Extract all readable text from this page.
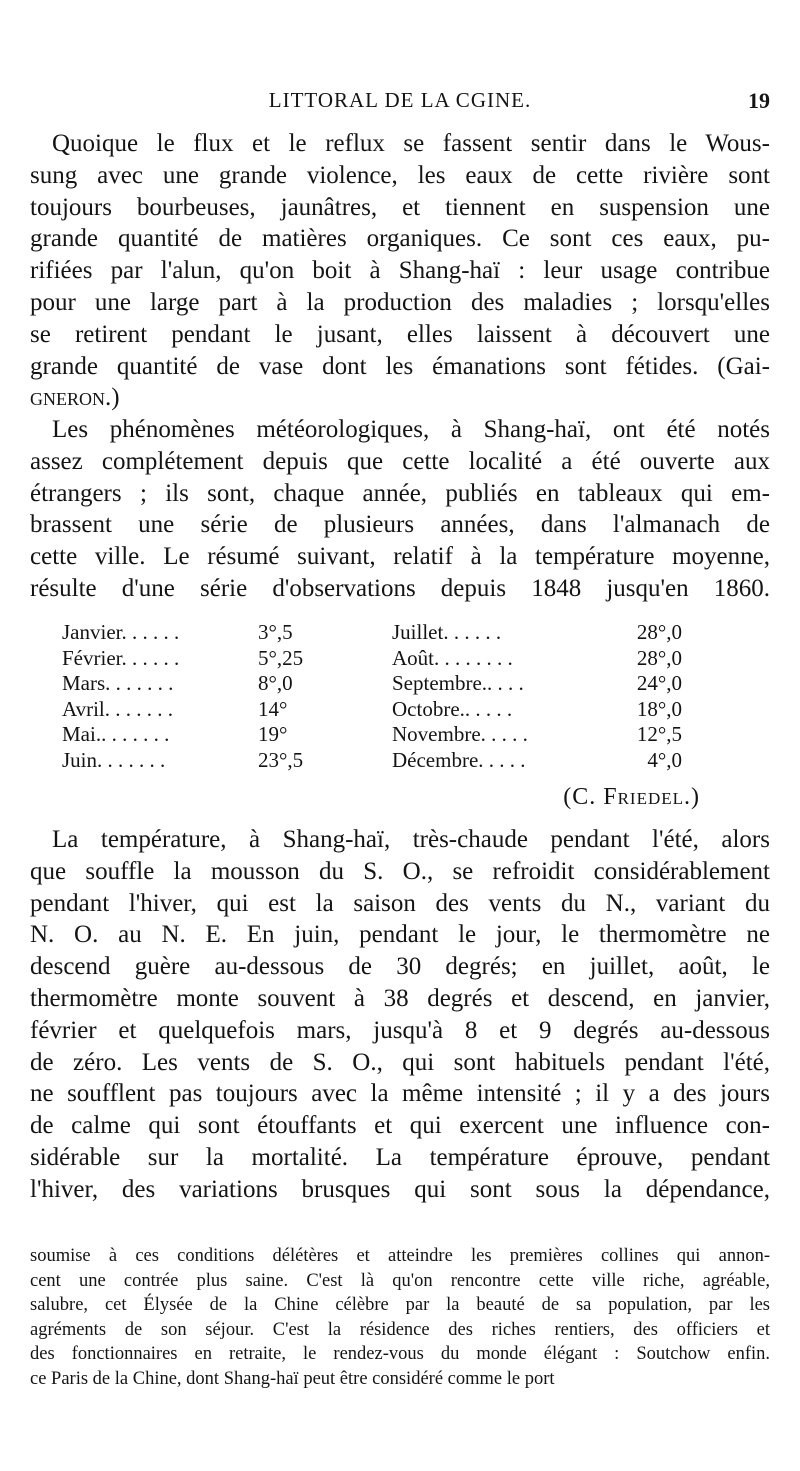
LITTORAL DE LA CGINE.	19
Quoique le flux et le reflux se fassent sentir dans le Wous-
sung avec une grande violence, les eaux de cette rivière sont
toujours bourbeuses, jaunâtres, et tiennent en suspension une
grande quantité de matières organiques. Ce sont ces eaux, pu-
rifiées par l'alun, qu'on boit à Shang-haï : leur usage contribue
pour une large part à la production des maladies ; lorsqu'elles
se retirent pendant le jusant, elles laissent à découvert une
grande quantité de vase dont les émanations sont fétides. (Gai-
gneron.)
Les phénomènes météorologiques, à Shang-haï, ont été notés
assez complétement depuis que cette localité a été ouverte aux
étrangers ; ils sont, chaque année, publiés en tableaux qui em-
brassent une série de plusieurs années, dans l'almanach de
cette ville. Le résumé suivant, relatif à la température moyenne,
résulte d'une série d'observations depuis 1848 jusqu'en 1860.
Janvier. . . . . .	3°,5	Juillet. . . . . .	28°,0
Février. . . . . .	5°,25	Août. . . . . . . .	28°,0
Mars. . . . . . .	8°,0	Septembre.. . . .	24°,0
Avril. . . . . . .	14°	Octobre.. . . . .	18°,0
Mai.. . . . . . .	19°	Novembre. . . . .	12°,5
Juin. . . . . . .	23°,5	Décembre. . . . .	4°,0
(C. Friedel.)
La température, à Shang-haï, très-chaude pendant l'été, alors
que souffle la mousson du S. O., se refroidit considérablement
pendant l'hiver, qui est la saison des vents du N., variant du
N. O. au N. E. En juin, pendant le jour, le thermomètre ne
descend guère au-dessous de 30 degrés; en juillet, août, le
thermomètre monte souvent à 38 degrés et descend, en janvier,
février et quelquefois mars, jusqu'à 8 et 9 degrés au-dessous
de zéro. Les vents de S. O., qui sont habituels pendant l'été,
ne soufflent pas toujours avec la même intensité ; il y a des jours
de calme qui sont étouffants et qui exercent une influence con-
sidérable sur la mortalité. La température éprouve, pendant
l'hiver, des variations brusques qui sont sous la dépendance,
soumise à ces conditions délétères et atteindre les premières collines qui annon-
cent une contrée plus saine. C'est là qu'on rencontre cette ville riche, agréable,
salubre, cet Élysée de la Chine célèbre par la beauté de sa population, par les
agréments de son séjour. C'est la résidence des riches rentiers, des officiers et
des fonctionnaires en retraite, le rendez-vous du monde élégant : Soutchow enfin.
ce Paris de la Chine, dont Shang-haï peut être considéré comme le port
